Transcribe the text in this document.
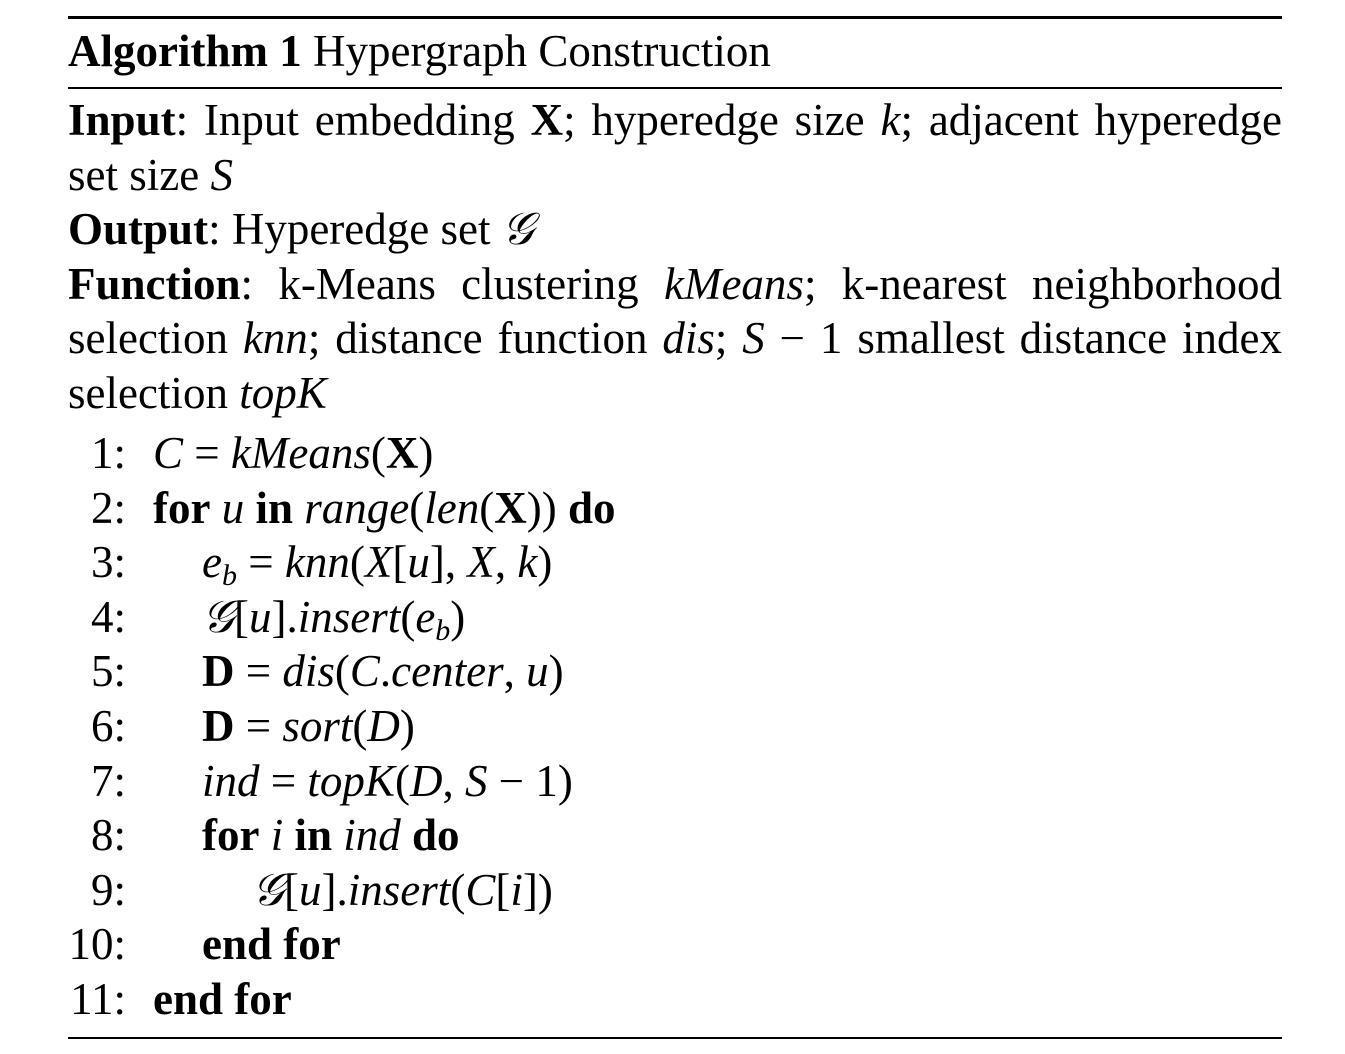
Algorithm 1 Hypergraph Construction
Input: Input embedding X; hyperedge size k; adjacent hyperedge set size S
Output: Hyperedge set 𝒢
Function: k-Means clustering kMeans; k-nearest neighborhood selection knn; distance function dis; S − 1 smallest distance index selection topK
1: C = kMeans(X)
2: for u in range(len(X)) do
3: $e_b = knn(X[u]$, X, k)
4: $𝒢[u].insert(e_b)$
5: D = dis(C.center, u)
6: D = sort(D)
7: ind = topK(D, S − 1)
8: for i in ind do
9:	𝒢[u].insert(C[i])
10: end for
11: end for
